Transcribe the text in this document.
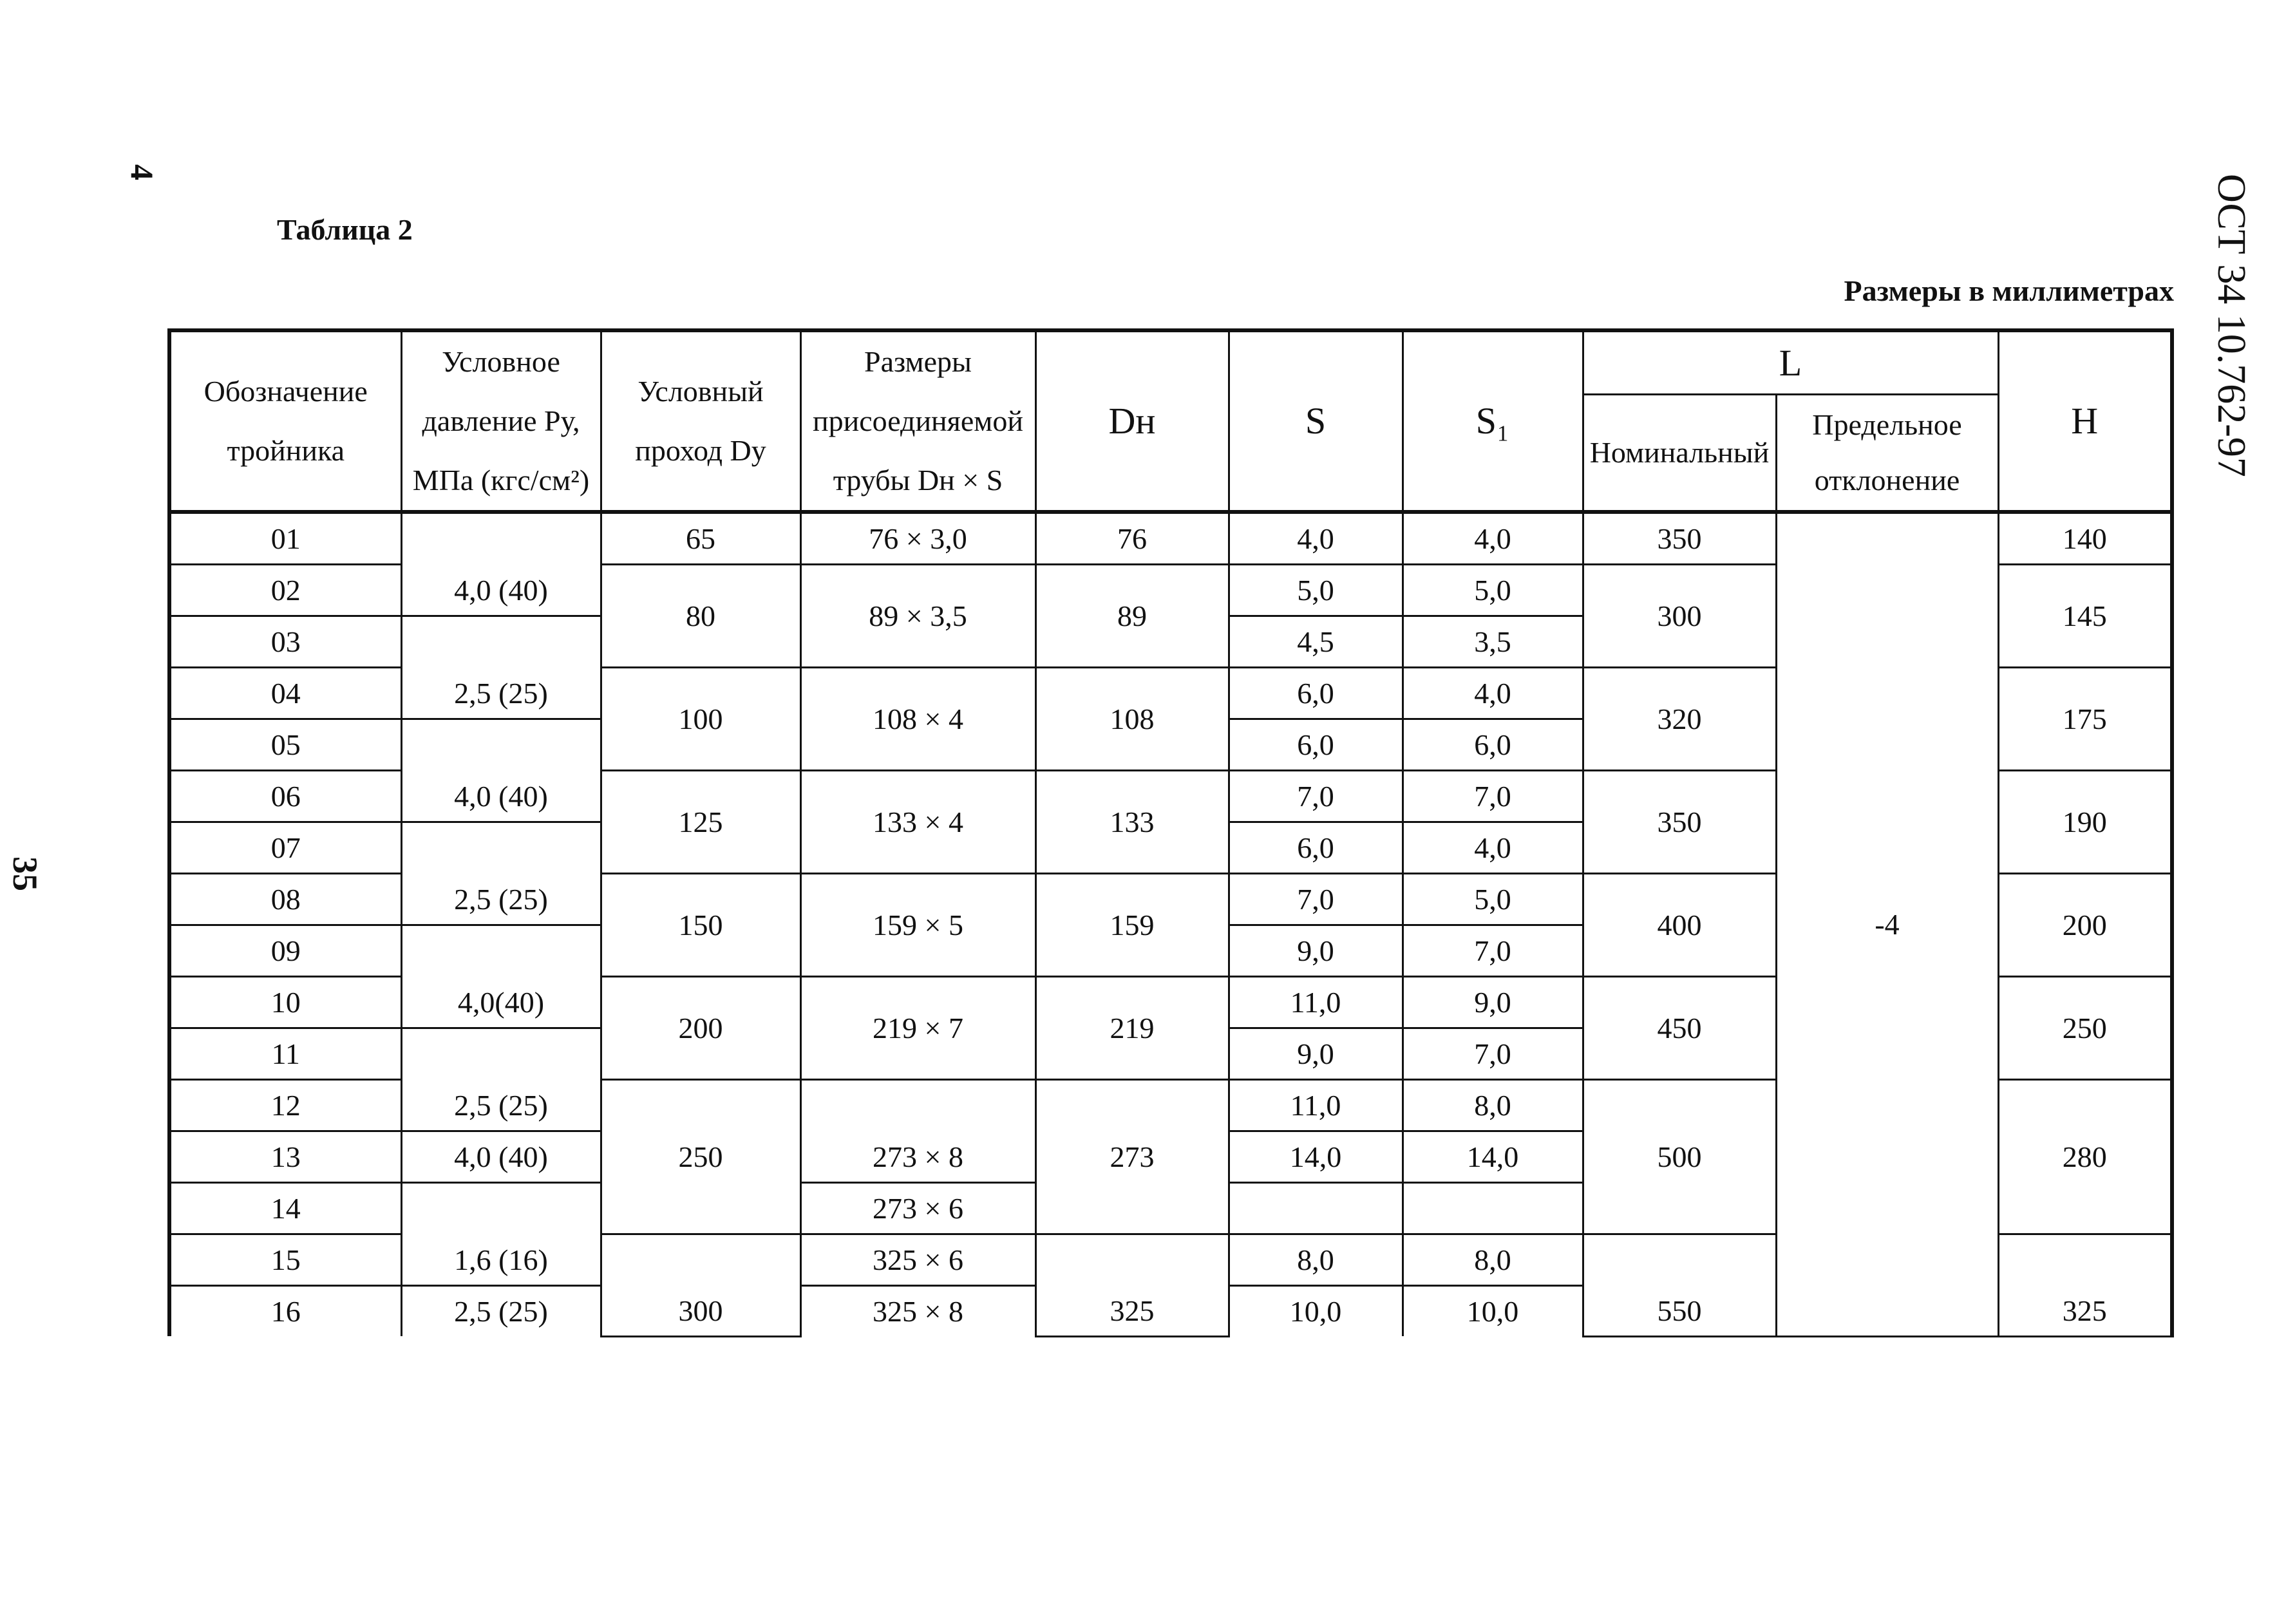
4
Таблица 2
Размеры в миллиметрах
35
ОСТ 34 10.762-97
Обозначение тройника	Условное давление Ру, МПа (кгс/см²)	Условный проход Dу	Размеры присоединяемой трубы Dн × S	Dн	S	S₁	L		H
							Номинальный	Предельное отклонение	
01	4,0 (40)	65	76 × 3,0	76	4,0	4,0	350	-4	140
02		80	89 × 3,5	89	5,0	5,0	300		145
03	2,5 (25)				4,5	3,5			
04		100	108 × 4	108	6,0	4,0	320		175
05	4,0 (40)				6,0	6,0			
06		125	133 × 4	133	7,0	7,0	350		190
07	2,5 (25)				6,0	4,0			
08		150	159 × 5	159	7,0	5,0	400		200
09	4,0(40)				9,0	7,0			
10		200	219 × 7	219	11,0	9,0	450		250
11	2,5 (25)				9,0	7,0			
12		250	273 × 8	273	11,0	8,0	500		280
13	4,0 (40)				14,0	14,0			
14	1,6 (16)		273 × 6						
15		300	325 × 6	325	8,0	8,0	550		325
16	2,5 (25)		325 × 8		10,0	10,0			
